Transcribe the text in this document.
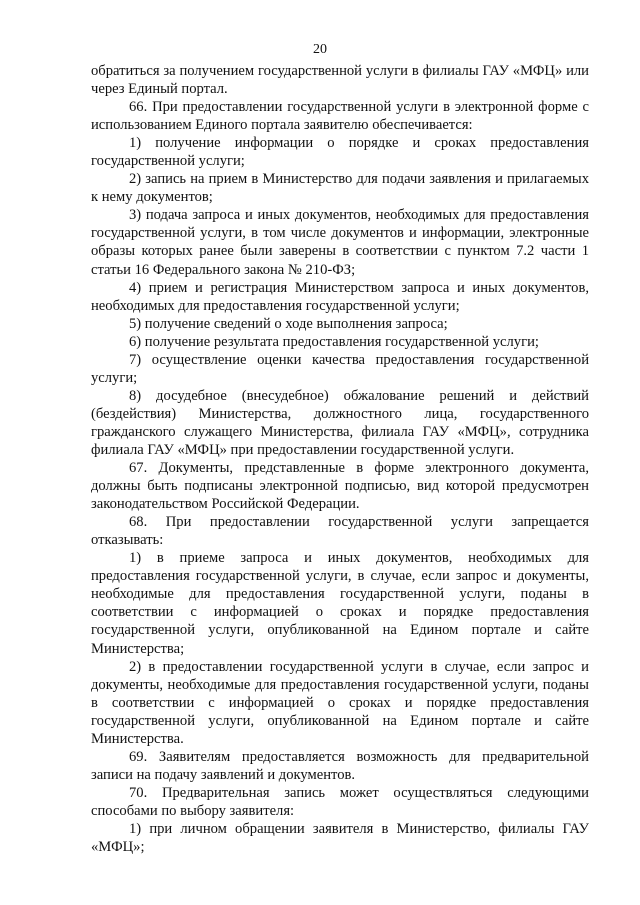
20

обратиться за получением государственной услуги в филиалы ГАУ «МФЦ» или через Единый портал.

66. При предоставлении государственной услуги в электронной форме с использованием Единого портала заявителю обеспечивается:

1) получение информации о порядке и сроках предоставления государственной услуги;

2) запись на прием в Министерство для подачи заявления и прилагаемых к нему документов;

3) подача запроса и иных документов, необходимых для предоставления государственной услуги, в том числе документов и информации, электронные образы которых ранее были заверены в соответствии с пунктом 7.2 части 1 статьи 16 Федерального закона № 210-ФЗ;

4) прием и регистрация Министерством запроса и иных документов, необходимых для предоставления государственной услуги;

5) получение сведений о ходе выполнения запроса;

6) получение результата предоставления государственной услуги;

7) осуществление оценки качества предоставления государственной услуги;

8) досудебное (внесудебное) обжалование решений и действий (бездействия) Министерства, должностного лица, государственного гражданского служащего Министерства, филиала ГАУ «МФЦ», сотрудника филиала ГАУ «МФЦ» при предоставлении государственной услуги.

67. Документы, представленные в форме электронного документа, должны быть подписаны электронной подписью, вид которой предусмотрен законодательством Российской Федерации.

68. При предоставлении государственной услуги запрещается отказывать:

1) в приеме запроса и иных документов, необходимых для предоставления государственной услуги, в случае, если запрос и документы, необходимые для предоставления государственной услуги, поданы в соответствии с информацией о сроках и порядке предоставления государственной услуги, опубликованной на Едином портале и сайте Министерства;

2) в предоставлении государственной услуги в случае, если запрос и документы, необходимые для предоставления государственной услуги, поданы в соответствии с информацией о сроках и порядке предоставления государственной услуги, опубликованной на Едином портале и сайте Министерства.

69. Заявителям предоставляется возможность для предварительной записи на подачу заявлений и документов.

70. Предварительная запись может осуществляться следующими способами по выбору заявителя:

1) при личном обращении заявителя в Министерство, филиалы ГАУ «МФЦ»;
